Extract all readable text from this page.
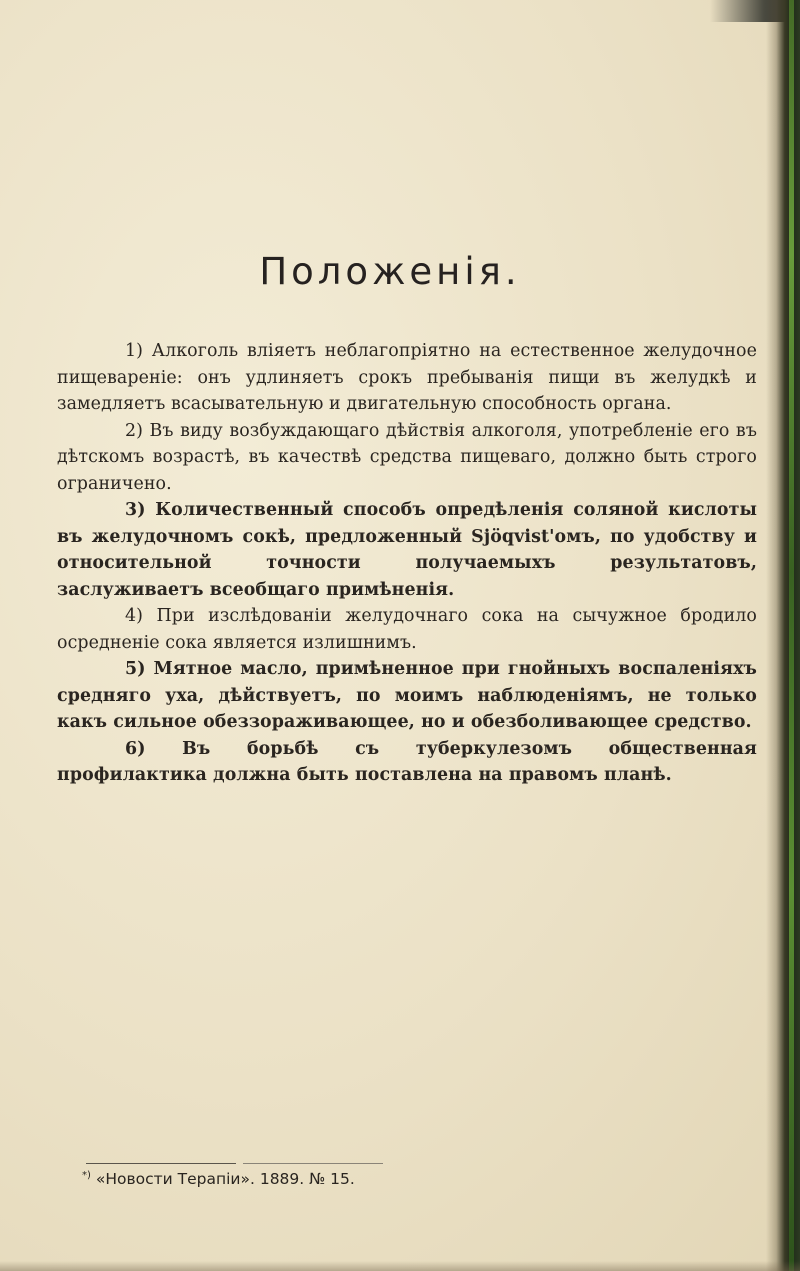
Положенія.

1) Алкоголь вліяетъ неблагопріятно на естественное желудочное пищевареніе: онъ удлиняетъ срокъ пребыванія пищи въ желудкѣ и замедляетъ всасывательную и двигательную способность органа.

2) Въ виду возбуждающаго дѣйствія алкоголя, употребленіе его въ дѣтскомъ возрастѣ, въ качествѣ средства пищеваго, должно быть строго ограничено.

3) Количественный способъ опредѣленія соляной кислоты въ желудочномъ сокѣ, предложенный Sjöqvist'омъ, по удобству и относительной точности получаемыхъ результатовъ, заслуживаетъ всеобщаго примѣненія.

4) При изслѣдованіи желудочнаго сока на сычужное бродило осредненіе сока является излишнимъ.

5) Мятное масло, примѣненное при гнойныхъ воспаленіяхъ средняго уха, дѣйствуетъ, по моимъ наблюденіямъ, не только какъ сильное обеззораживающее, но и обезболивающее средство.

6) Въ борьбѣ съ туберкулезомъ общественная профилактика должна быть поставлена на правомъ планѣ.

*) «Новости Терапіи». 1889. № 15.
